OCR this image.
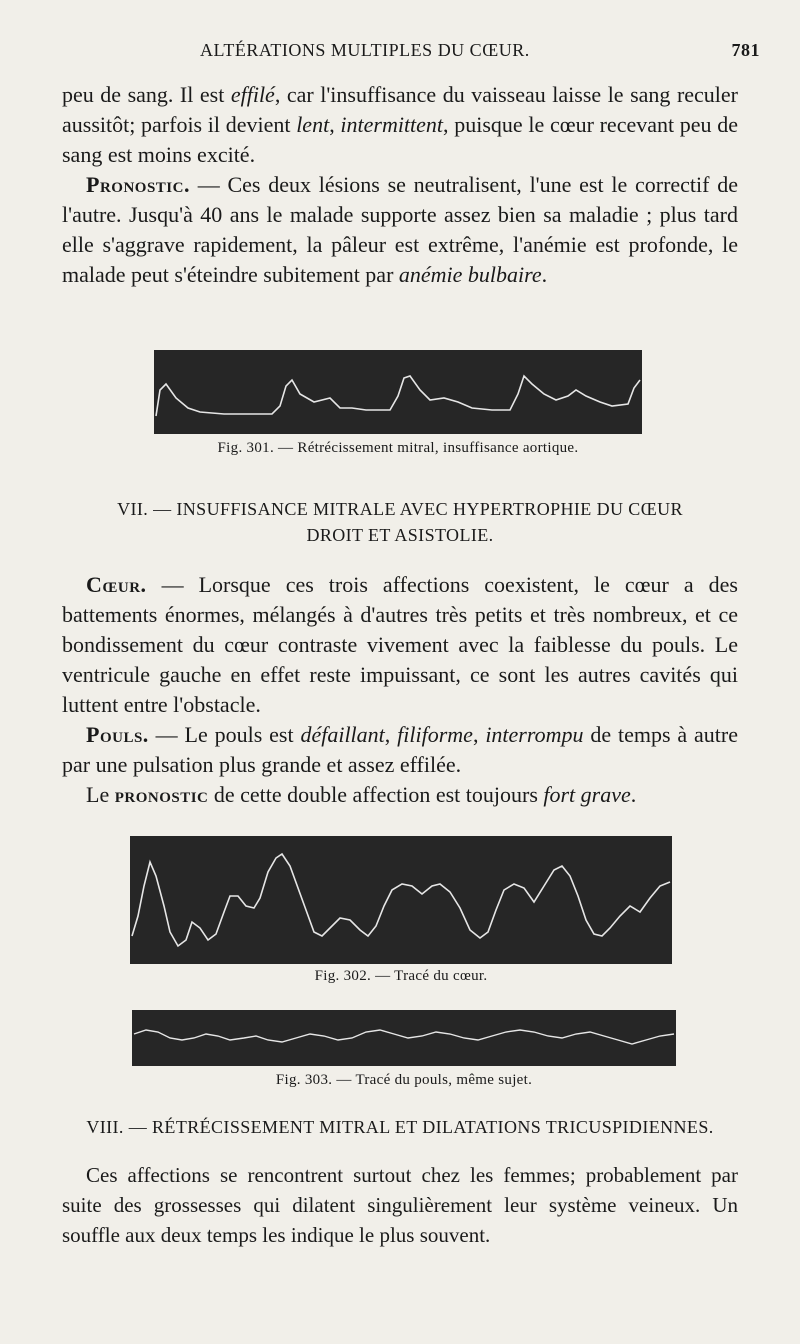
ALTÉRATIONS MULTIPLES DU CŒUR.	781

peu de sang. Il est effilé, car l'insuffisance du vaisseau laisse le sang reculer aussitôt; parfois il devient lent, intermittent, puisque le cœur recevant peu de sang est moins excité.

Pronostic. — Ces deux lésions se neutralisent, l'une est le correctif de l'autre. Jusqu'à 40 ans le malade supporte assez bien sa maladie ; plus tard elle s'aggrave rapidement, la pâleur est extrême, l'anémie est profonde, le malade peut s'éteindre subitement par anémie bulbaire.

Fig. 301. — Rétrécissement mitral, insuffisance aortique.
VII. — INSUFFISANCE MITRALE AVEC HYPERTROPHIE DU CŒUR
DROIT ET ASISTOLIE.

Cœur. — Lorsque ces trois affections coexistent, le cœur a des battements énormes, mélangés à d'autres très petits et très nombreux, et ce bondissement du cœur contraste vivement avec la faiblesse du pouls. Le ventricule gauche en effet reste impuissant, ce sont les autres cavités qui luttent entre l'obstacle.

Pouls. — Le pouls est défaillant, filiforme, interrompu de temps à autre par une pulsation plus grande et assez effilée.

Le pronostic de cette double affection est toujours fort grave.

Fig. 302. — Tracé du cœur.
Fig. 303. — Tracé du pouls, même sujet.
VIII. — RÉTRÉCISSEMENT MITRAL ET DILATATIONS TRICUSPIDIENNES.

Ces affections se rencontrent surtout chez les femmes; probablement par suite des grossesses qui dilatent singulièrement leur système veineux. Un souffle aux deux temps les indique le plus souvent.
